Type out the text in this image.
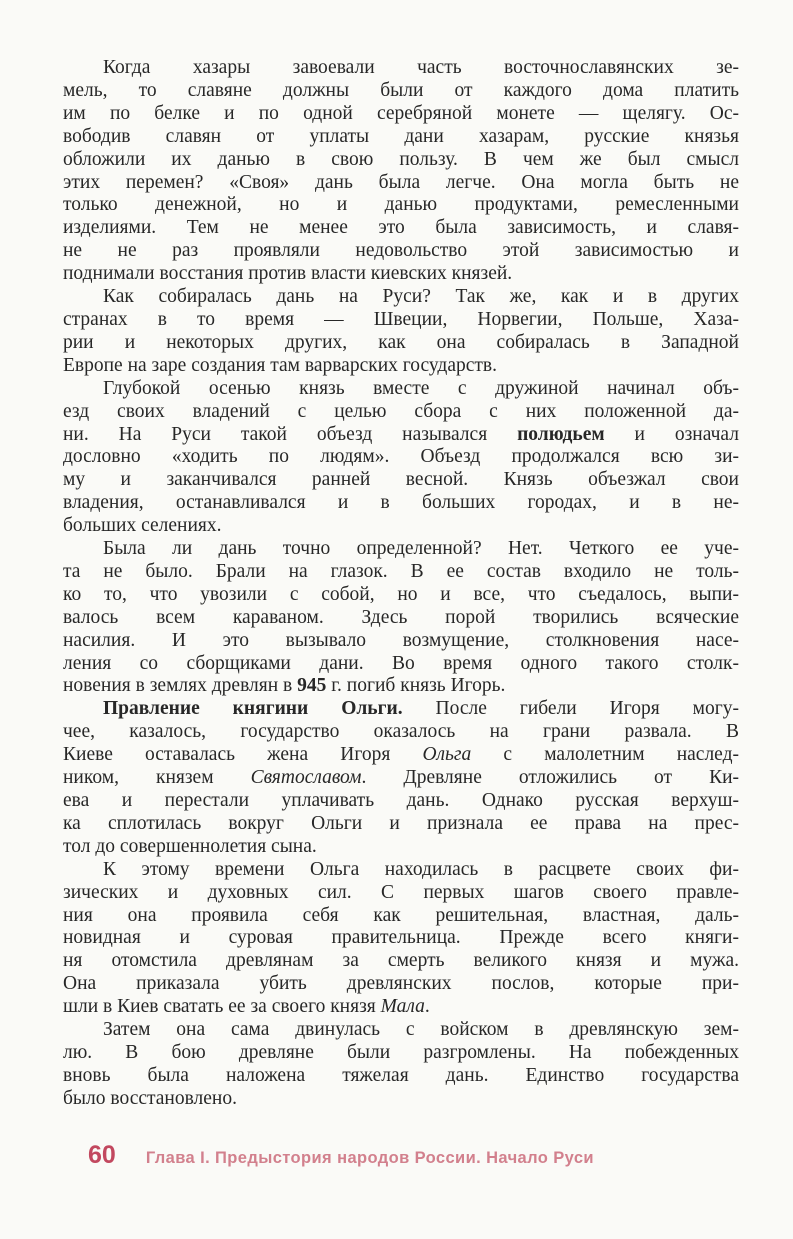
Когда хазары завоевали часть восточнославянских зе-
мель, то славяне должны были от каждого дома платить
им по белке и по одной серебряной монете — щелягу. Ос-
вободив славян от уплаты дани хазарам, русские князья
обложили их данью в свою пользу. В чем же был смысл
этих перемен? «Своя» дань была легче. Она могла быть не
только денежной, но и данью продуктами, ремесленными
изделиями. Тем не менее это была зависимость, и славя-
не не раз проявляли недовольство этой зависимостью и
поднимали восстания против власти киевских князей.
Как собиралась дань на Руси? Так же, как и в других
странах в то время — Швеции, Норвегии, Польше, Хаза-
рии и некоторых других, как она собиралась в Западной
Европе на заре создания там варварских государств.
Глубокой осенью князь вместе с дружиной начинал объ-
езд своих владений с целью сбора с них положенной да-
ни. На Руси такой объезд назывался полюдьем и означал
дословно «ходить по людям». Объезд продолжался всю зи-
му и заканчивался ранней весной. Князь объезжал свои
владения, останавливался и в больших городах, и в не-
больших селениях.
Была ли дань точно определенной? Нет. Четкого ее уче-
та не было. Брали на глазок. В ее состав входило не толь-
ко то, что увозили с собой, но и все, что съедалось, выпи-
валось всем караваном. Здесь порой творились всяческие
насилия. И это вызывало возмущение, столкновения насе-
ления со сборщиками дани. Во время одного такого столк-
новения в землях древлян в 945 г. погиб князь Игорь.
Правление княгини Ольги. После гибели Игоря могу-
чее, казалось, государство оказалось на грани развала. В
Киеве оставалась жена Игоря Ольга с малолетним наслед-
ником, князем Святославом. Древляне отложились от Ки-
ева и перестали уплачивать дань. Однако русская верхуш-
ка сплотилась вокруг Ольги и признала ее права на прес-
тол до совершеннолетия сына.
К этому времени Ольга находилась в расцвете своих фи-
зических и духовных сил. С первых шагов своего правле-
ния она проявила себя как решительная, властная, даль-
новидная и суровая правительница. Прежде всего княги-
ня отомстила древлянам за смерть великого князя и мужа.
Она приказала убить древлянских послов, которые при-
шли в Киев сватать ее за своего князя Мала.
Затем она сама двинулась с войском в древлянскую зем-
лю. В бою древляне были разгромлены. На побежденных
вновь была наложена тяжелая дань. Единство государства
было восстановлено.
60 Глава I. Предыстория народов России. Начало Руси
